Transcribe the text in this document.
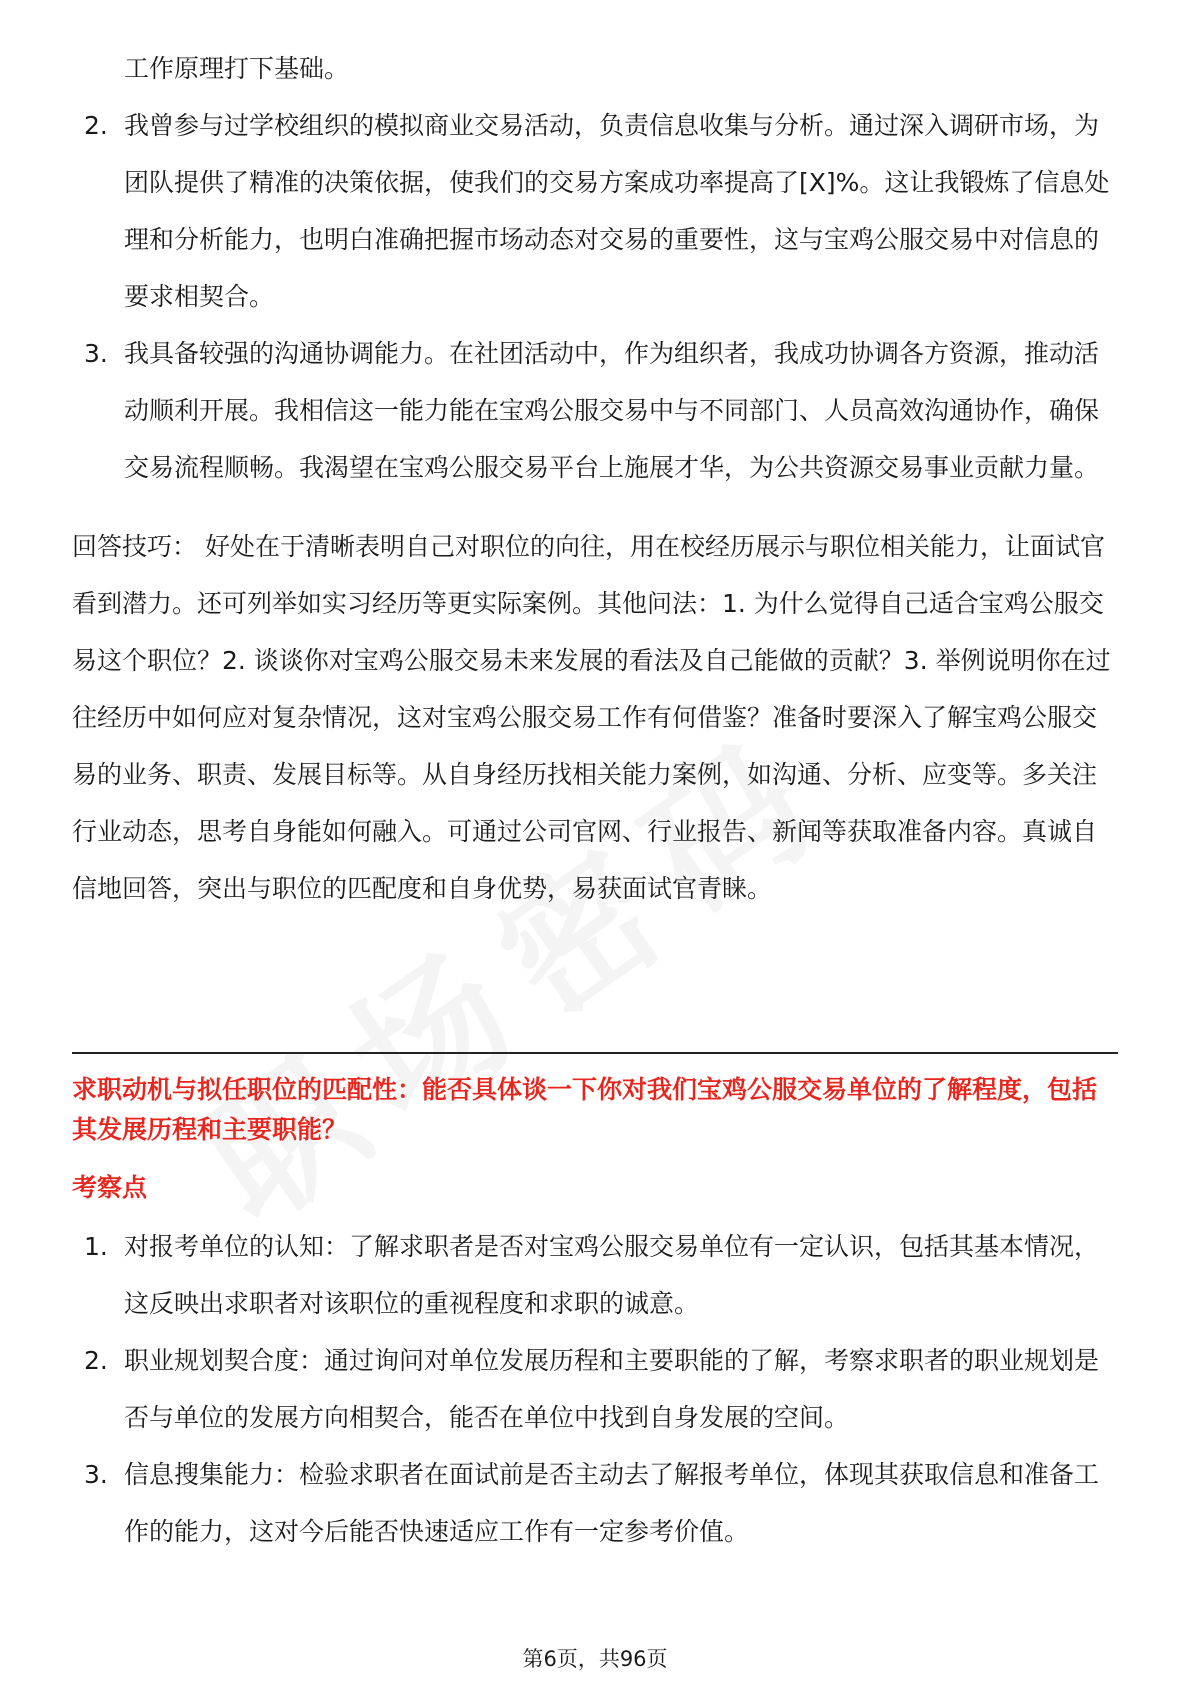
工作原理打下基础。

2. 我曾参与过学校组织的模拟商业交易活动，负责信息收集与分析。通过深入调研市场，为团队提供了精准的决策依据，使我们的交易方案成功率提高了[X]%。这让我锻炼了信息处理和分析能力，也明白准确把握市场动态对交易的重要性，这与宝鸡公服交易中对信息的要求相契合。
3. 我具备较强的沟通协调能力。在社团活动中，作为组织者，我成功协调各方资源，推动活动顺利开展。我相信这一能力能在宝鸡公服交易中与不同部门、人员高效沟通协作，确保交易流程顺畅。我渴望在宝鸡公服交易平台上施展才华，为公共资源交易事业贡献力量。

回答技巧： 好处在于清晰表明自己对职位的向往，用在校经历展示与职位相关能力，让面试官看到潜力。还可列举如实习经历等更实际案例。其他问法：1. 为什么觉得自己适合宝鸡公服交易这个职位？2. 谈谈你对宝鸡公服交易未来发展的看法及自己能做的贡献？3. 举例说明你在过往经历中如何应对复杂情况，这对宝鸡公服交易工作有何借鉴？准备时要深入了解宝鸡公服交易的业务、职责、发展目标等。从自身经历找相关能力案例，如沟通、分析、应变等。多关注行业动态，思考自身能如何融入。可通过公司官网、行业报告、新闻等获取准备内容。真诚自信地回答，突出与职位的匹配度和自身优势，易获面试官青睐。

求职动机与拟任职位的匹配性：能否具体谈一下你对我们宝鸡公服交易单位的了解程度，包括其发展历程和主要职能？

考察点

1. 对报考单位的认知：了解求职者是否对宝鸡公服交易单位有一定认识，包括其基本情况，这反映出求职者对该职位的重视程度和求职的诚意。
2. 职业规划契合度：通过询问对单位发展历程和主要职能的了解，考察求职者的职业规划是否与单位的发展方向相契合，能否在单位中找到自身发展的空间。
3. 信息搜集能力：检验求职者在面试前是否主动去了解报考单位，体现其获取信息和准备工作的能力，这对今后能否快速适应工作有一定参考价值。
第6页，共96页
